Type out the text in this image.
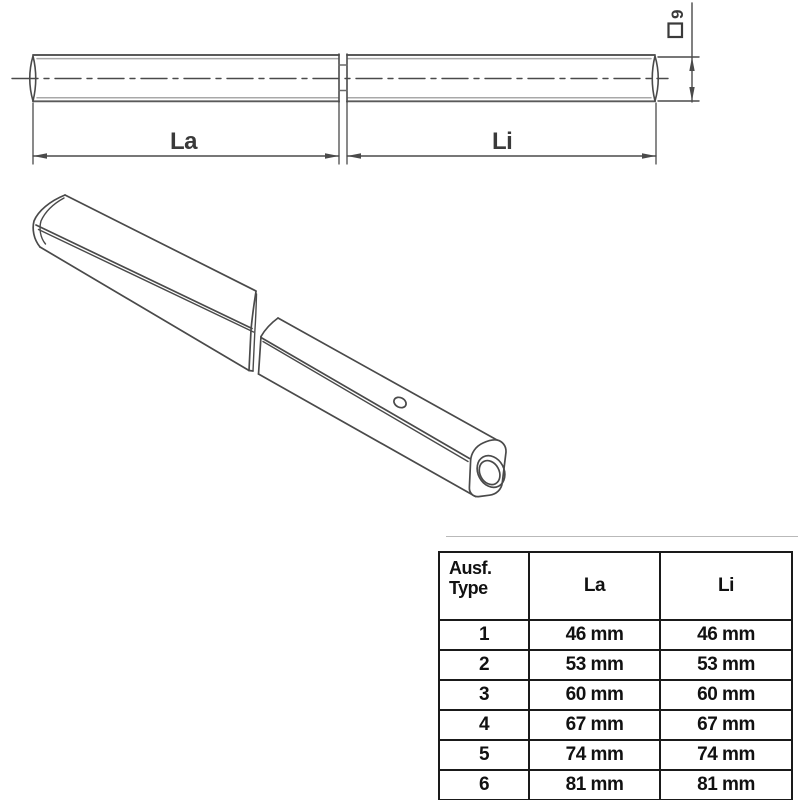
La	Li
9
Ausf.
Type	La	Li
1	46 mm	46 mm
2	53 mm	53 mm
3	60 mm	60 mm
4	67 mm	67 mm
5	74 mm	74 mm
6	81 mm	81 mm
